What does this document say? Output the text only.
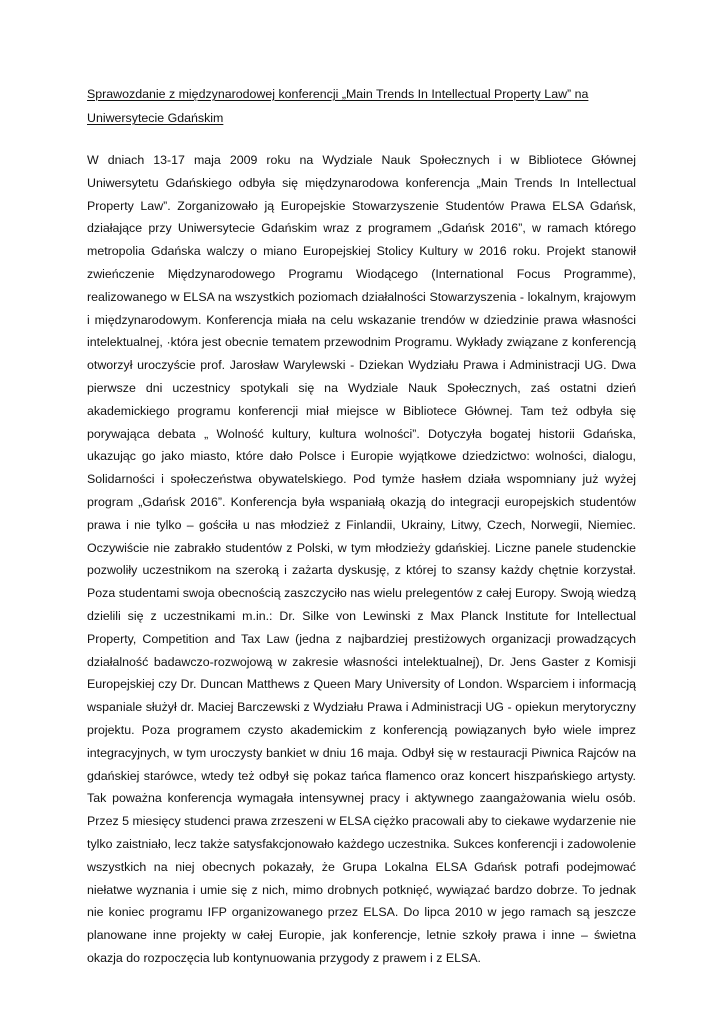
Sprawozdanie z międzynarodowej konferencji „Main Trends In Intellectual Property Law” na Uniwersytecie Gdańskim

W dniach 13-17 maja 2009 roku na Wydziale Nauk Społecznych i w Bibliotece Głównej Uniwersytetu Gdańskiego odbyła się międzynarodowa konferencja „Main Trends In Intellectual Property Law”. Zorganizowało ją Europejskie Stowarzyszenie Studentów Prawa ELSA Gdańsk, działające przy Uniwersytecie Gdańskim wraz z programem „Gdańsk 2016”, w ramach którego metropolia Gdańska walczy o miano Europejskiej Stolicy Kultury w 2016 roku. Projekt stanowił zwieńczenie Międzynarodowego Programu Wiodącego (International Focus Programme), realizowanego w ELSA na wszystkich poziomach działalności Stowarzyszenia - lokalnym, krajowym i międzynarodowym. Konferencja miała na celu wskazanie trendów w dziedzinie prawa własności intelektualnej, ·która jest obecnie tematem przewodnim Programu. Wykłady związane z konferencją otworzył uroczyście prof. Jarosław Warylewski - Dziekan Wydziału Prawa i Administracji UG. Dwa pierwsze dni uczestnicy spotykali się na Wydziale Nauk Społecznych, zaś ostatni dzień akademickiego programu konferencji miał miejsce w Bibliotece Głównej. Tam też odbyła się porywająca debata „ Wolność kultury, kultura wolności”. Dotyczyła bogatej historii Gdańska, ukazując go jako miasto, które dało Polsce i Europie wyjątkowe dziedzictwo: wolności, dialogu, Solidarności i społeczeństwa obywatelskiego. Pod tymże hasłem działa wspomniany już wyżej program „Gdańsk 2016”. Konferencja była wspaniałą okazją do integracji europejskich studentów prawa i nie tylko – gościła u nas młodzież z Finlandii, Ukrainy, Litwy, Czech, Norwegii, Niemiec. Oczywiście nie zabrakło studentów z Polski, w tym młodzieży gdańskiej. Liczne panele studenckie pozwoliły uczestnikom na szeroką i zażarta dyskusję, z której to szansy każdy chętnie korzystał. Poza studentami swoja obecnością zaszczyciło nas wielu prelegentów z całej Europy. Swoją wiedzą dzielili się z uczestnikami m.in.: Dr. Silke von Lewinski z Max Planck Institute for Intellectual Property, Competition and Tax Law (jedna z najbardziej prestiżowych organizacji prowadzących działalność badawczo-rozwojową w zakresie własności intelektualnej), Dr. Jens Gaster z Komisji Europejskiej czy Dr. Duncan Matthews z Queen Mary University of London. Wsparciem i informacją wspaniale służył dr. Maciej Barczewski z Wydziału Prawa i Administracji UG - opiekun merytoryczny projektu. Poza programem czysto akademickim z konferencją powiązanych było wiele imprez integracyjnych, w tym uroczysty bankiet w dniu 16 maja. Odbył się w restauracji Piwnica Rajców na gdańskiej starówce, wtedy też odbył się pokaz tańca flamenco oraz koncert hiszpańskiego artysty. Tak poważna konferencja wymagała intensywnej pracy i aktywnego zaangażowania wielu osób. Przez 5 miesięcy studenci prawa zrzeszeni w ELSA ciężko pracowali aby to ciekawe wydarzenie nie tylko zaistniało, lecz także satysfakcjonowało każdego uczestnika. Sukces konferencji i zadowolenie wszystkich na niej obecnych pokazały, że Grupa Lokalna ELSA Gdańsk potrafi podejmować niełatwe wyznania i umie się z nich, mimo drobnych potknięć, wywiązać bardzo dobrze. To jednak nie koniec programu IFP organizowanego przez ELSA. Do lipca 2010 w jego ramach są jeszcze planowane inne projekty w całej Europie, jak konferencje, letnie szkoły prawa i inne – świetna okazja do rozpoczęcia lub kontynuowania przygody z prawem i z ELSA.
